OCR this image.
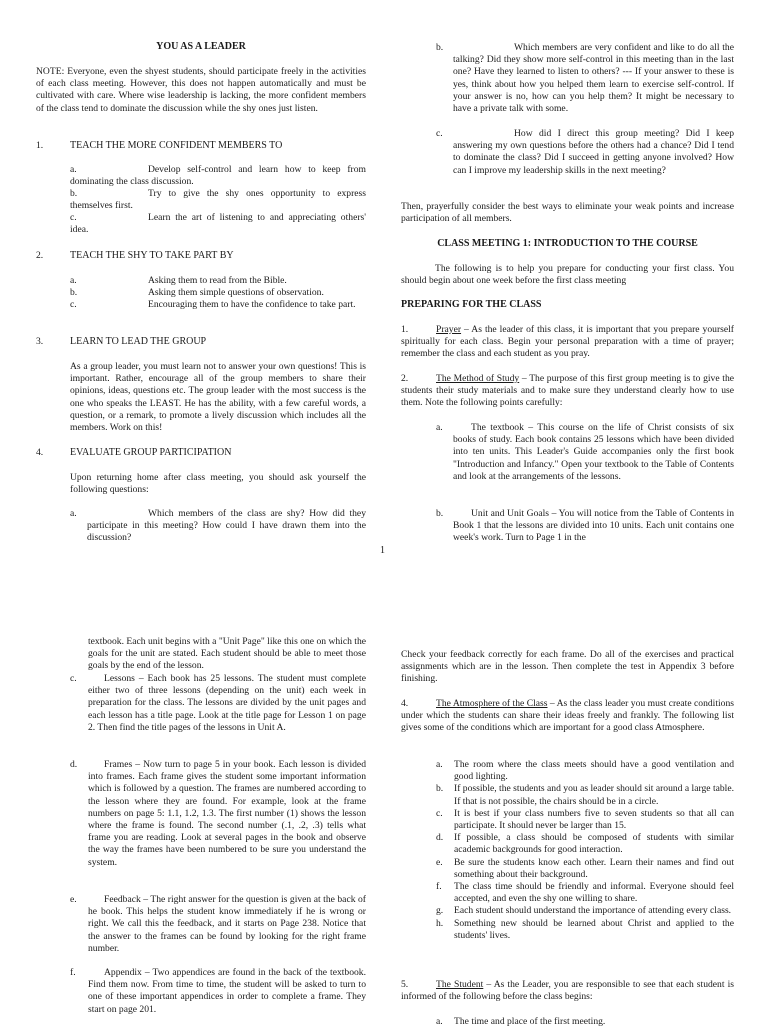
YOU AS A LEADER
NOTE: Everyone, even the shyest students, should participate freely in the activities of each class meeting. However, this does not happen automatically and must be cultivated with care. Where wise leadership is lacking, the more confident members of the class tend to dominate the discussion while the shy ones just listen.
1.	TEACH THE MORE CONFIDENT MEMBERS TO
a.	Develop self-control and learn how to keep from dominating the class discussion.
b.	Try to give the shy ones opportunity to express themselves first.
c.	Learn the art of listening to and appreciating others' idea.
2.	TEACH THE SHY TO TAKE PART BY
a.	Asking them to read from the Bible.
b.	Asking them simple questions of observation.
c.	Encouraging them to have the confidence to take part.
3.	LEARN TO LEAD THE GROUP
As a group leader, you must learn not to answer your own questions! This is important. Rather, encourage all of the group members to share their opinions, ideas, questions etc. The group leader with the most success is the one who speaks the LEAST. He has the ability, with a few careful words, a question, or a remark, to promote a lively discussion which includes all the members. Work on this!
4.	EVALUATE GROUP PARTICIPATION
Upon returning home after class meeting, you should ask yourself the following questions:
a.	Which members of the class are shy? How did they participate in this meeting? How could I have drawn them into the discussion?
b.	Which members are very confident and like to do all the talking? Did they show more self-control in this meeting than in the last one? Have they learned to listen to others? --- If your answer to these is yes, think about how you helped them learn to exercise self-control. If your answer is no, how can you help them? It might be necessary to have a private talk with some.
c.	How did I direct this group meeting? Did I keep answering my own questions before the others had a chance? Did I tend to dominate the class? Did I succeed in getting anyone involved? How can I improve my leadership skills in the next meeting?
Then, prayerfully consider the best ways to eliminate your weak points and increase participation of all members.
CLASS MEETING 1: INTRODUCTION TO THE COURSE
The following is to help you prepare for conducting your first class. You should begin about one week before the first class meeting
PREPARING FOR THE CLASS
1.	Prayer – As the leader of this class, it is important that you prepare yourself spiritually for each class. Begin your personal preparation with a time of prayer; remember the class and each student as you pray.
2.	The Method of Study – The purpose of this first group meeting is to give the students their study materials and to make sure they understand clearly how to use them. Note the following points carefully:
a.	The textbook – This course on the life of Christ consists of six books of study. Each book contains 25 lessons which have been divided into ten units. This Leader's Guide accompanies only the first book "Introduction and Infancy." Open your textbook to the Table of Contents and look at the arrangements of the lessons.
b.	Unit and Unit Goals – You will notice from the Table of Contents in Book 1 that the lessons are divided into 10 units. Each unit contains one week's work. Turn to Page 1 in the
1
textbook. Each unit begins with a "Unit Page" like this one on which the goals for the unit are stated. Each student should be able to meet those goals by the end of the lesson.
c.	Lessons – Each book has 25 lessons. The student must complete either two of three lessons (depending on the unit) each week in preparation for the class. The lessons are divided by the unit pages and each lesson has a title page. Look at the title page for Lesson 1 on page 2. Then find the title pages of the lessons in Unit A.
d.	Frames – Now turn to page 5 in your book. Each lesson is divided into frames. Each frame gives the student some important information which is followed by a question. The frames are numbered according to the lesson where they are found. For example, look at the frame numbers on page 5: 1.1, 1.2, 1.3. The first number (1) shows the lesson where the frame is found. The second number (.1, .2, .3) tells what frame you are reading. Look at several pages in the book and observe the way the frames have been numbered to be sure you understand the system.
e.	Feedback – The right answer for the question is given at the back of he book. This helps the student know immediately if he is wrong or right. We call this the feedback, and it starts on Page 238. Notice that the answer to the frames can be found by looking for the right frame number.
f.	Appendix – Two appendices are found in the back of the textbook. Find them now. From time to time, the student will be asked to turn to one of these important appendices in order to complete a frame. They start on page 201.
Check your feedback correctly for each frame. Do all of the exercises and practical assignments which are in the lesson. Then complete the test in Appendix 3 before finishing.
4.	The Atmosphere of the Class – As the class leader you must create conditions under which the students can share their ideas freely and frankly. The following list gives some of the conditions which are important for a good class Atmosphere.
a. The room where the class meets should have a good ventilation and good lighting.
b. If possible, the students and you as leader should sit around a large table. If that is not possible, the chairs should be in a circle.
c. It is best if your class numbers five to seven students so that all can participate. It should never be larger than 15.
d. If possible, a class should be composed of students with similar academic backgrounds for good interaction.
e. Be sure the students know each other. Learn their names and find out something about their background.
f. The class time should be friendly and informal. Everyone should feel accepted, and even the shy one willing to share.
g. Each student should understand the importance of attending every class.
h. Something new should be learned about Christ and applied to the students' lives.
5.	The Student – As the Leader, you are responsible to see that each student is informed of the following before the class begins:
a.	The time and place of the first meeting.
